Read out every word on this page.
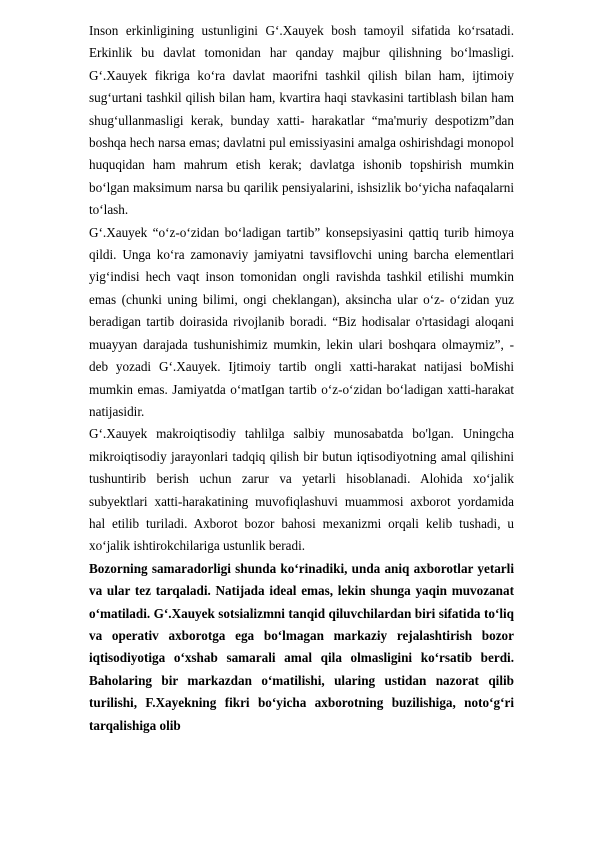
Inson erkinligining ustunligini G‘.Xauyek bosh tamoyil sifatida ko‘rsatadi. Erkinlik bu davlat tomonidan har qanday majbur qilishning bo‘lmasligi. G‘.Xauyek fikriga ko‘ra davlat maorifni tashkil qilish bilan ham, ijtimoiy sug‘urtani tashkil qilish bilan ham, kvartira haqi stavkasini tartiblash bilan ham shug‘ullanmasligi kerak, bunday xatti- harakatlar “ma'muriy despotizm”dan boshqa hech narsa emas; davlatni pul emissiyasini amalga oshirishdagi monopol huquqidan ham mahrum etish kerak; davlatga ishonib topshirish mumkin bo‘lgan maksimum narsa bu qarilik pensiyalarini, ishsizlik bo‘yicha nafaqalarni to‘lash.

G‘.Xauyek “o‘z-o‘zidan bo‘ladigan tartib” konsepsiyasini qattiq turib himoya qildi. Unga ko‘ra zamonaviy jamiyatni tavsiflovchi uning barcha elementlari yig‘indisi hech vaqt inson tomonidan ongli ravishda tashkil etilishi mumkin emas (chunki uning bilimi, ongi cheklangan), aksincha ular o‘z- o‘zidan yuz beradigan tartib doirasida rivojlanib boradi. “Biz hodisalar o'rtasidagi aloqani muayyan darajada tushunishimiz mumkin, lekin ulari boshqara olmaymiz”, - deb yozadi G‘.Xauyek. Ijtimoiy tartib ongli xatti-harakat natijasi boMishi mumkin emas. Jamiyatda o‘matIgan tartib o‘z-o‘zidan bo‘ladigan xatti-harakat natijasidir.

G‘.Xauyek makroiqtisodiy tahlilga salbiy munosabatda bo'lgan. Uningcha mikroiqtisodiy jarayonlari tadqiq qilish bir butun iqtisodiyotning amal qilishini tushuntirib berish uchun zarur va yetarli hisoblanadi. Alohida xo‘jalik subyektlari xatti-harakatining muvofiqlashuvi muammosi axborot yordamida hal etilib turiladi. Axborot bozor bahosi mexanizmi orqali kelib tushadi, u xo‘jalik ishtirokchilariga ustunlik beradi.

Bozorning samaradorligi shunda ko‘rinadiki, unda aniq axborotlar yetarli va ular tez tarqaladi. Natijada ideal emas, lekin shunga yaqin muvozanat o‘matiladi. G‘.Xauyek sotsializmni tanqid qiluvchilardan biri sifatida to‘liq va operativ axborotga ega bo‘lmagan markaziy rejalashtirish bozor iqtisodiyotiga o‘xshab samarali amal qila olmasligini ko‘rsatib berdi. Baholaring bir markazdan o‘matilishi, ularing ustidan nazorat qilib turilishi, F.Xayekning fikri bo‘yicha axborotning buzilishiga, noto‘g‘ri tarqalishiga olib
